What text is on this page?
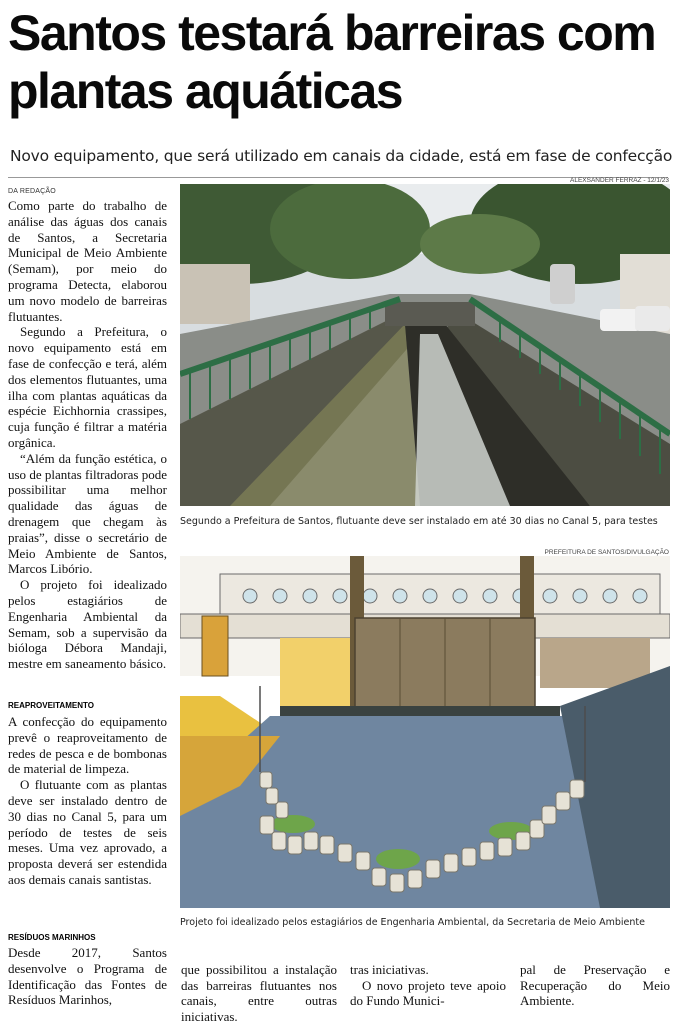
Santos testará barreiras com plantas aquáticas
Novo equipamento, que será utilizado em canais da cidade, está em fase de confecção
DA REDAÇÃO

Como parte do trabalho de análise das águas dos canais de Santos, a Secretaria Municipal de Meio Ambiente (Semam), por meio do programa Detecta, elaborou um novo modelo de barreiras flutuantes.

Segundo a Prefeitura, o novo equipamento está em fase de confecção e terá, além dos elementos flutuantes, uma ilha com plantas aquáticas da espécie Eichhornia crassipes, cuja função é filtrar a matéria orgânica.

“Além da função estética, o uso de plantas filtradoras pode possibilitar uma melhor qualidade das águas de drenagem que chegam às praias”, disse o secretário de Meio Ambiente de Santos, Marcos Libório.

O projeto foi idealizado pelos estagiários de Engenharia Ambiental da Semam, sob a supervisão da bióloga Débora Mandaji, mestre em saneamento básico.

REAPROVEITAMENTO

A confecção do equipamento prevê o reaproveitamento de redes de pesca e de bombonas de material de limpeza.

O flutuante com as plantas deve ser instalado dentro de 30 dias no Canal 5, para um período de testes de seis meses. Uma vez aprovado, a proposta deverá ser estendida aos demais canais santistas.

RESÍDUOS MARINHOS

Desde 2017, Santos desenvolve o Programa de Identificação das Fontes de Resíduos Marinhos,

ALEXSANDER FERRAZ - 12/1/23
Segundo a Prefeitura de Santos, flutuante deve ser instalado em até 30 dias no Canal 5, para testes
PREFEITURA DE SANTOS/DIVULGAÇÃO
Projeto foi idealizado pelos estagiários de Engenharia Ambiental, da Secretaria de Meio Ambiente

que possibilitou a instalação das barreiras flutuantes nos canais, entre outras iniciativas.

tras iniciativas.

O novo projeto teve apoio do Fundo Munici-

pal de Preservação e Recuperação do Meio Ambiente.
